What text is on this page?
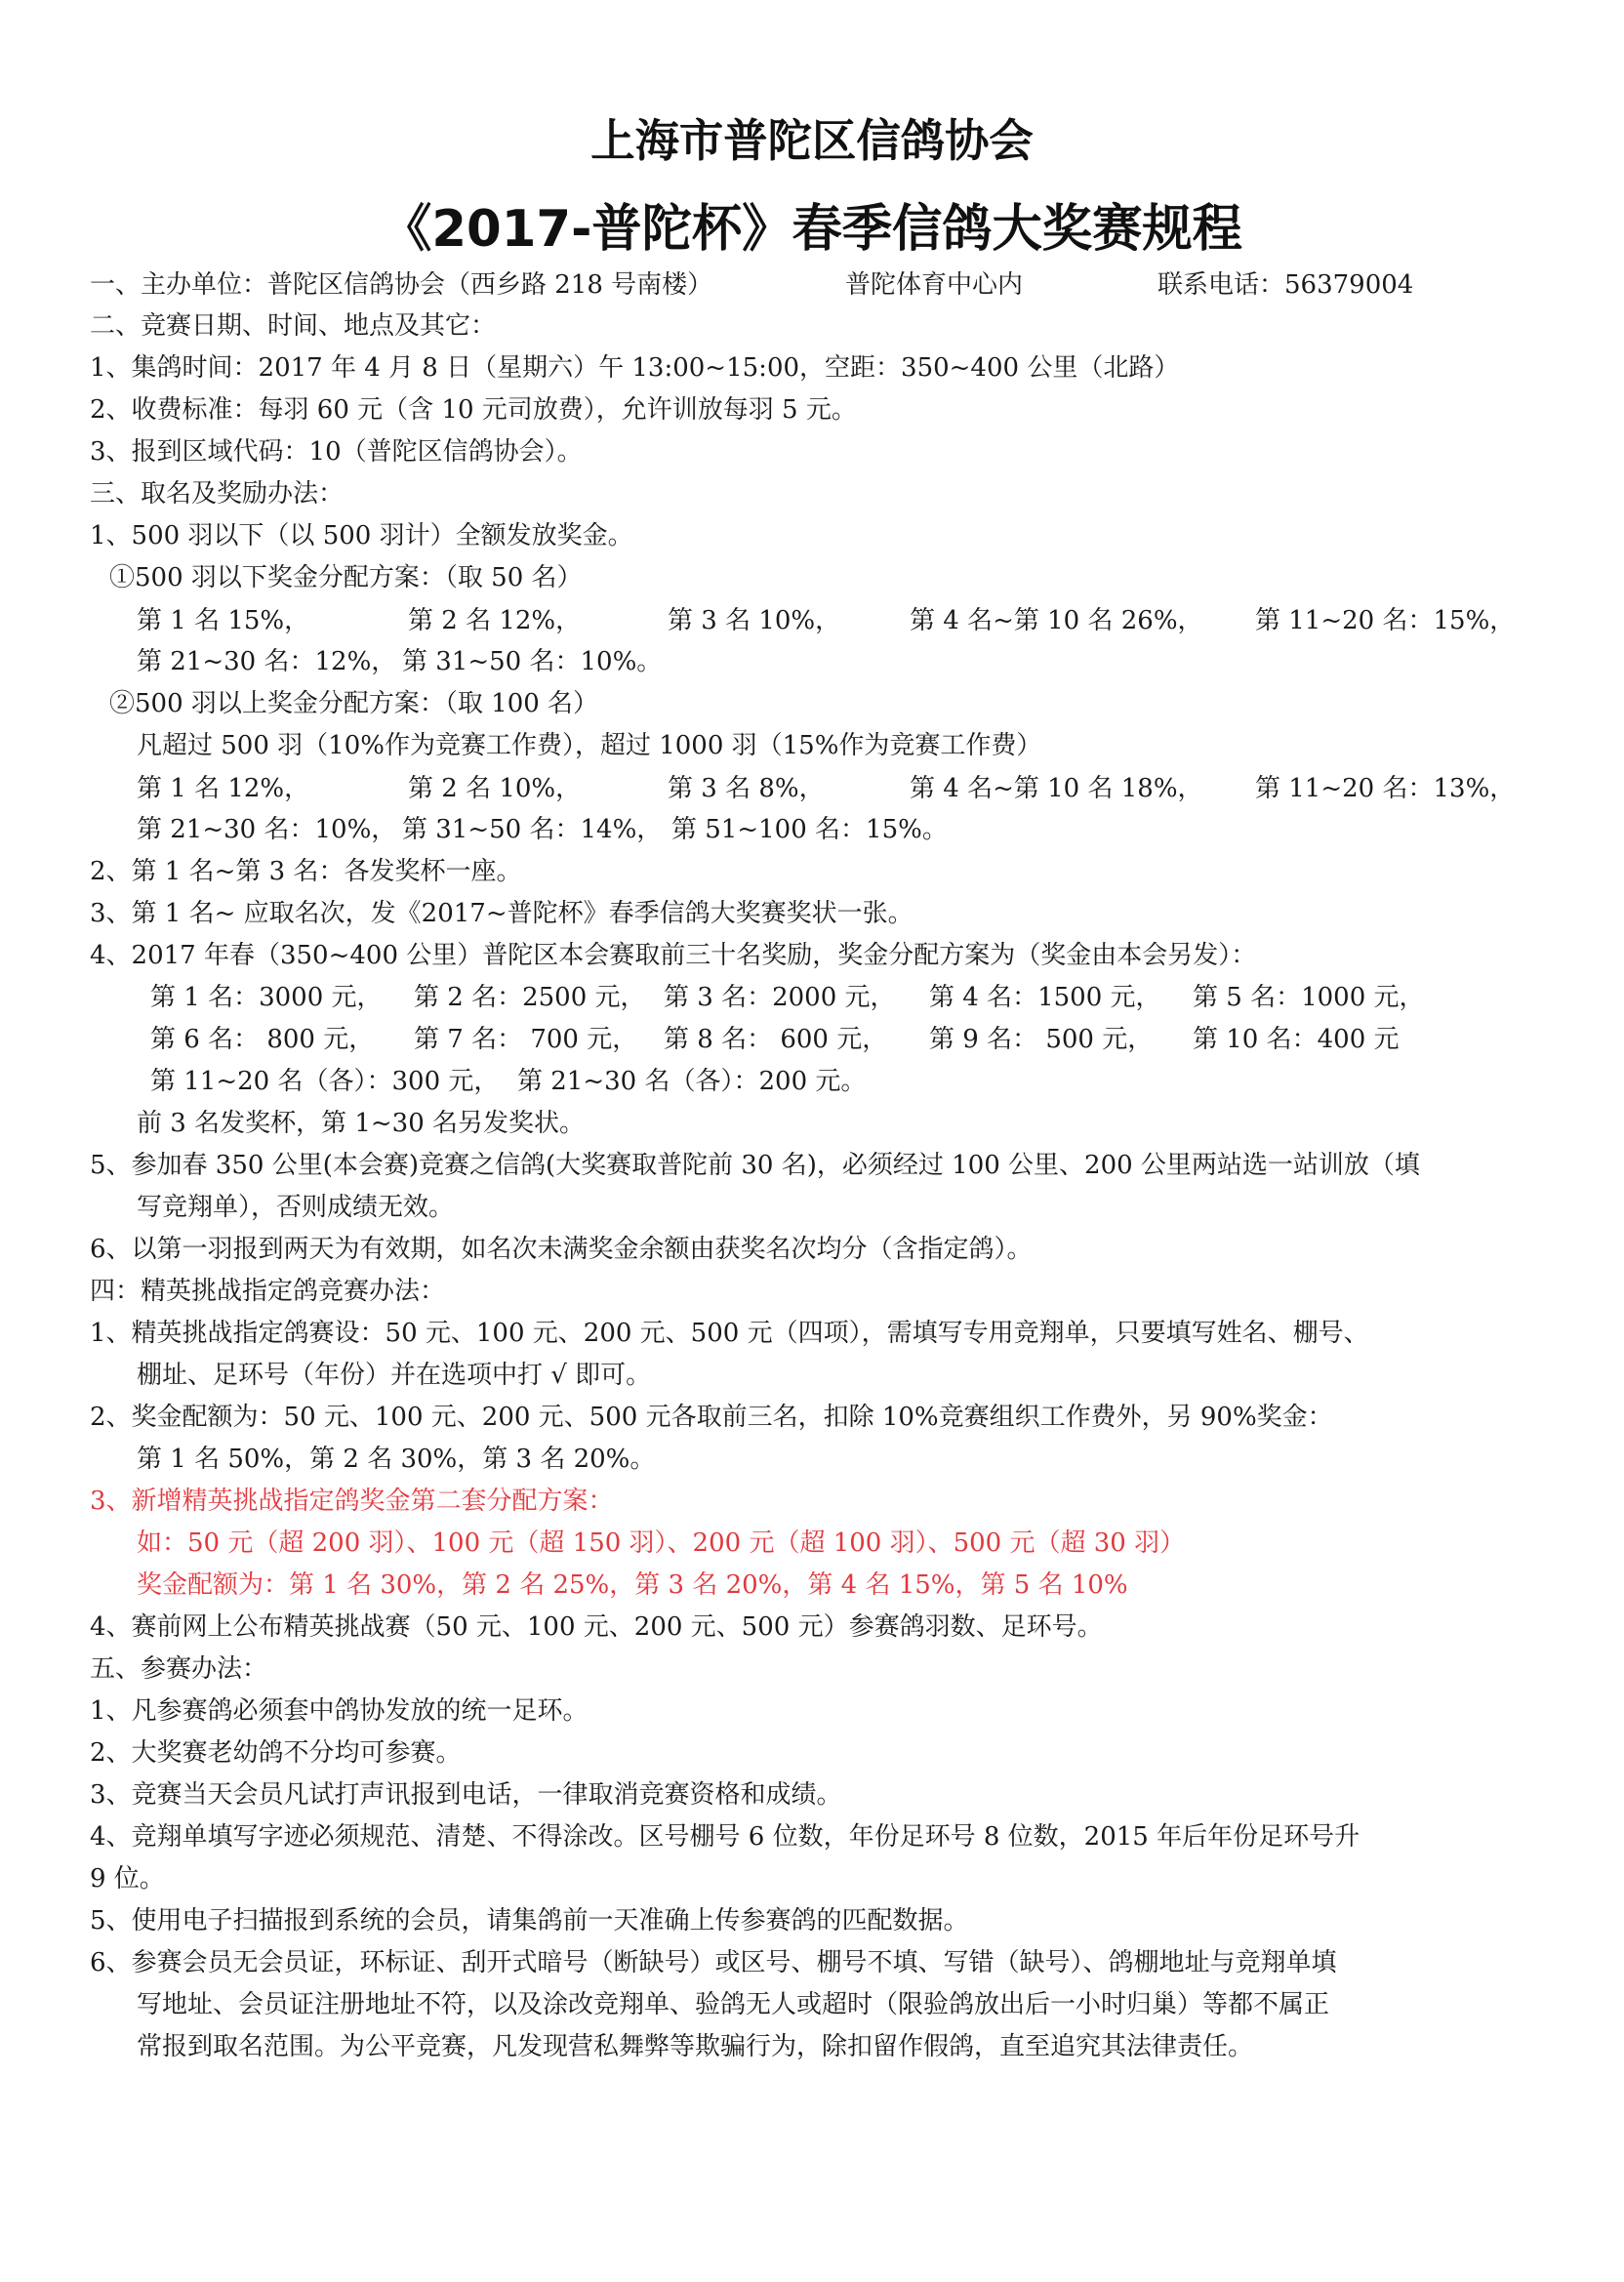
上海市普陀区信鸽协会
《2017-普陀杯》春季信鸽大奖赛规程
一、主办单位：普陀区信鸽协会（西乡路 218 号南楼）	普陀体育中心内	联系电话：56379004
二、竞赛日期、时间、地点及其它：
1、集鸽时间：2017 年 4 月 8 日（星期六）午 13:00~15:00，空距：350~400 公里（北路）
2、收费标准：每羽 60 元（含 10 元司放费），允许训放每羽 5 元。
3、报到区域代码：10（普陀区信鸽协会）。
三、取名及奖励办法：
1、500 羽以下（以 500 羽计）全额发放奖金。
①500 羽以下奖金分配方案：（取 50 名）
第 1 名 15%，	第 2 名 12%，	第 3 名 10%，	第 4 名~第 10 名 26%， 第 11~20 名：15%，
第 21~30 名：12%， 第 31~50 名：10%。
②500 羽以上奖金分配方案：（取 100 名）
凡超过 500 羽（10%作为竞赛工作费），超过 1000 羽（15%作为竞赛工作费）
第 1 名 12%，	第 2 名 10%，	第 3 名 8%，	第 4 名~第 10 名 18%， 第 11~20 名：13%，
第 21~30 名：10%， 第 31~50 名：14%， 第 51~100 名：15%。
2、第 1 名~第 3 名：各发奖杯一座。
3、第 1 名~ 应取名次，发《2017~普陀杯》春季信鸽大奖赛奖状一张。
4、2017 年春（350~400 公里）普陀区本会赛取前三十名奖励，奖金分配方案为（奖金由本会另发）：
第 1 名：3000 元， 第 2 名：2500 元， 第 3 名：2000 元， 第 4 名：1500 元， 第 5 名：1000 元，
第 6 名： 800 元， 第 7 名： 700 元， 第 8 名： 600 元， 第 9 名： 500 元， 第 10 名：400 元
第 11~20 名（各）：300 元， 第 21~30 名（各）：200 元。
前 3 名发奖杯，第 1~30 名另发奖状。
5、参加春 350 公里(本会赛)竞赛之信鸽(大奖赛取普陀前 30 名)，必须经过 100 公里、200 公里两站选一站训放（填
写竞翔单），否则成绩无效。
6、以第一羽报到两天为有效期，如名次未满奖金余额由获奖名次均分（含指定鸽）。
四：精英挑战指定鸽竞赛办法：
1、精英挑战指定鸽赛设：50 元、100 元、200 元、500 元（四项），需填写专用竞翔单，只要填写姓名、棚号、
棚址、足环号（年份）并在选项中打 √ 即可。
2、奖金配额为：50 元、100 元、200 元、500 元各取前三名，扣除 10%竞赛组织工作费外，另 90%奖金：
第 1 名 50%，第 2 名 30%，第 3 名 20%。
3、新增精英挑战指定鸽奖金第二套分配方案：
如：50 元（超 200 羽）、100 元（超 150 羽）、200 元（超 100 羽）、500 元（超 30 羽）
奖金配额为：第 1 名 30%，第 2 名 25%，第 3 名 20%，第 4 名 15%，第 5 名 10%
4、赛前网上公布精英挑战赛（50 元、100 元、200 元、500 元）参赛鸽羽数、足环号。
五、参赛办法：
1、凡参赛鸽必须套中鸽协发放的统一足环。
2、大奖赛老幼鸽不分均可参赛。
3、竞赛当天会员凡试打声讯报到电话，一律取消竞赛资格和成绩。
4、竞翔单填写字迹必须规范、清楚、不得涂改。区号棚号 6 位数，年份足环号 8 位数，2015 年后年份足环号升
9 位。
5、使用电子扫描报到系统的会员，请集鸽前一天准确上传参赛鸽的匹配数据。
6、参赛会员无会员证，环标证、刮开式暗号（断缺号）或区号、棚号不填、写错（缺号）、鸽棚地址与竞翔单填
写地址、会员证注册地址不符，以及涂改竞翔单、验鸽无人或超时（限验鸽放出后一小时归巢）等都不属正
常报到取名范围。为公平竞赛，凡发现营私舞弊等欺骗行为，除扣留作假鸽，直至追究其法律责任。
